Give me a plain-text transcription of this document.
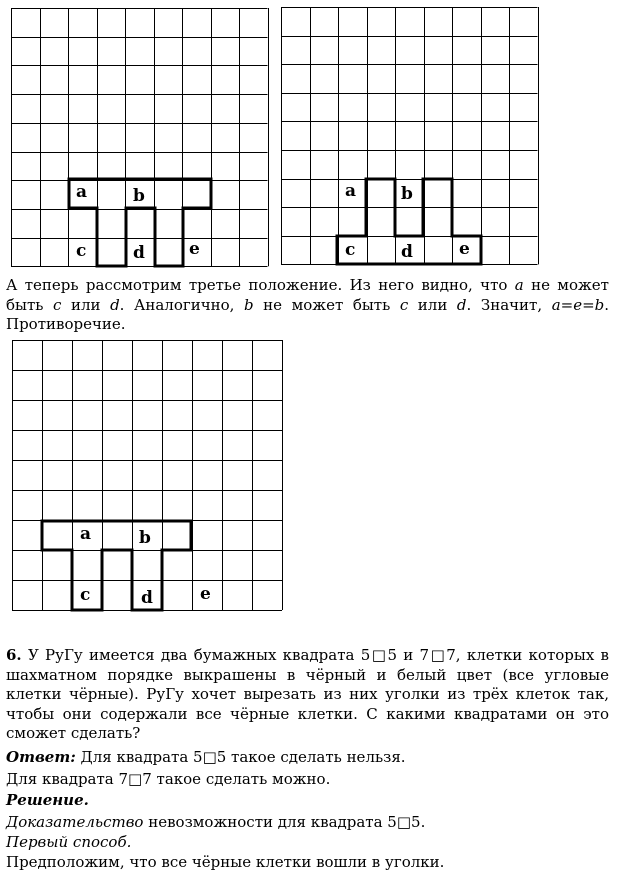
a	b
c	d	e
a	b
c	d	e

А теперь рассмотрим третье положение. Из него видно, что a не может быть c или d. Аналогично, b не может быть c или d. Значит, a=e=b. Противоречие.

a	b
c	d	e

6. У РуГу имеется два бумажных квадрата 5□5 и 7□7, клетки которых в шахматном порядке выкрашены в чёрный и белый цвет (все угловые клетки чёрные). РуГу хочет вырезать из них уголки из трёх клеток так, чтобы они содержали все чёрные клетки. С какими квадратами он это сможет сделать?

Ответ: Для квадрата 5□5 такое сделать нельзя.

Для квадрата 7□7 такое сделать можно.

Решение.

Доказательство невозможности для квадрата 5□5.

Первый способ.

Предположим, что все чёрные клетки вошли в уголки.
